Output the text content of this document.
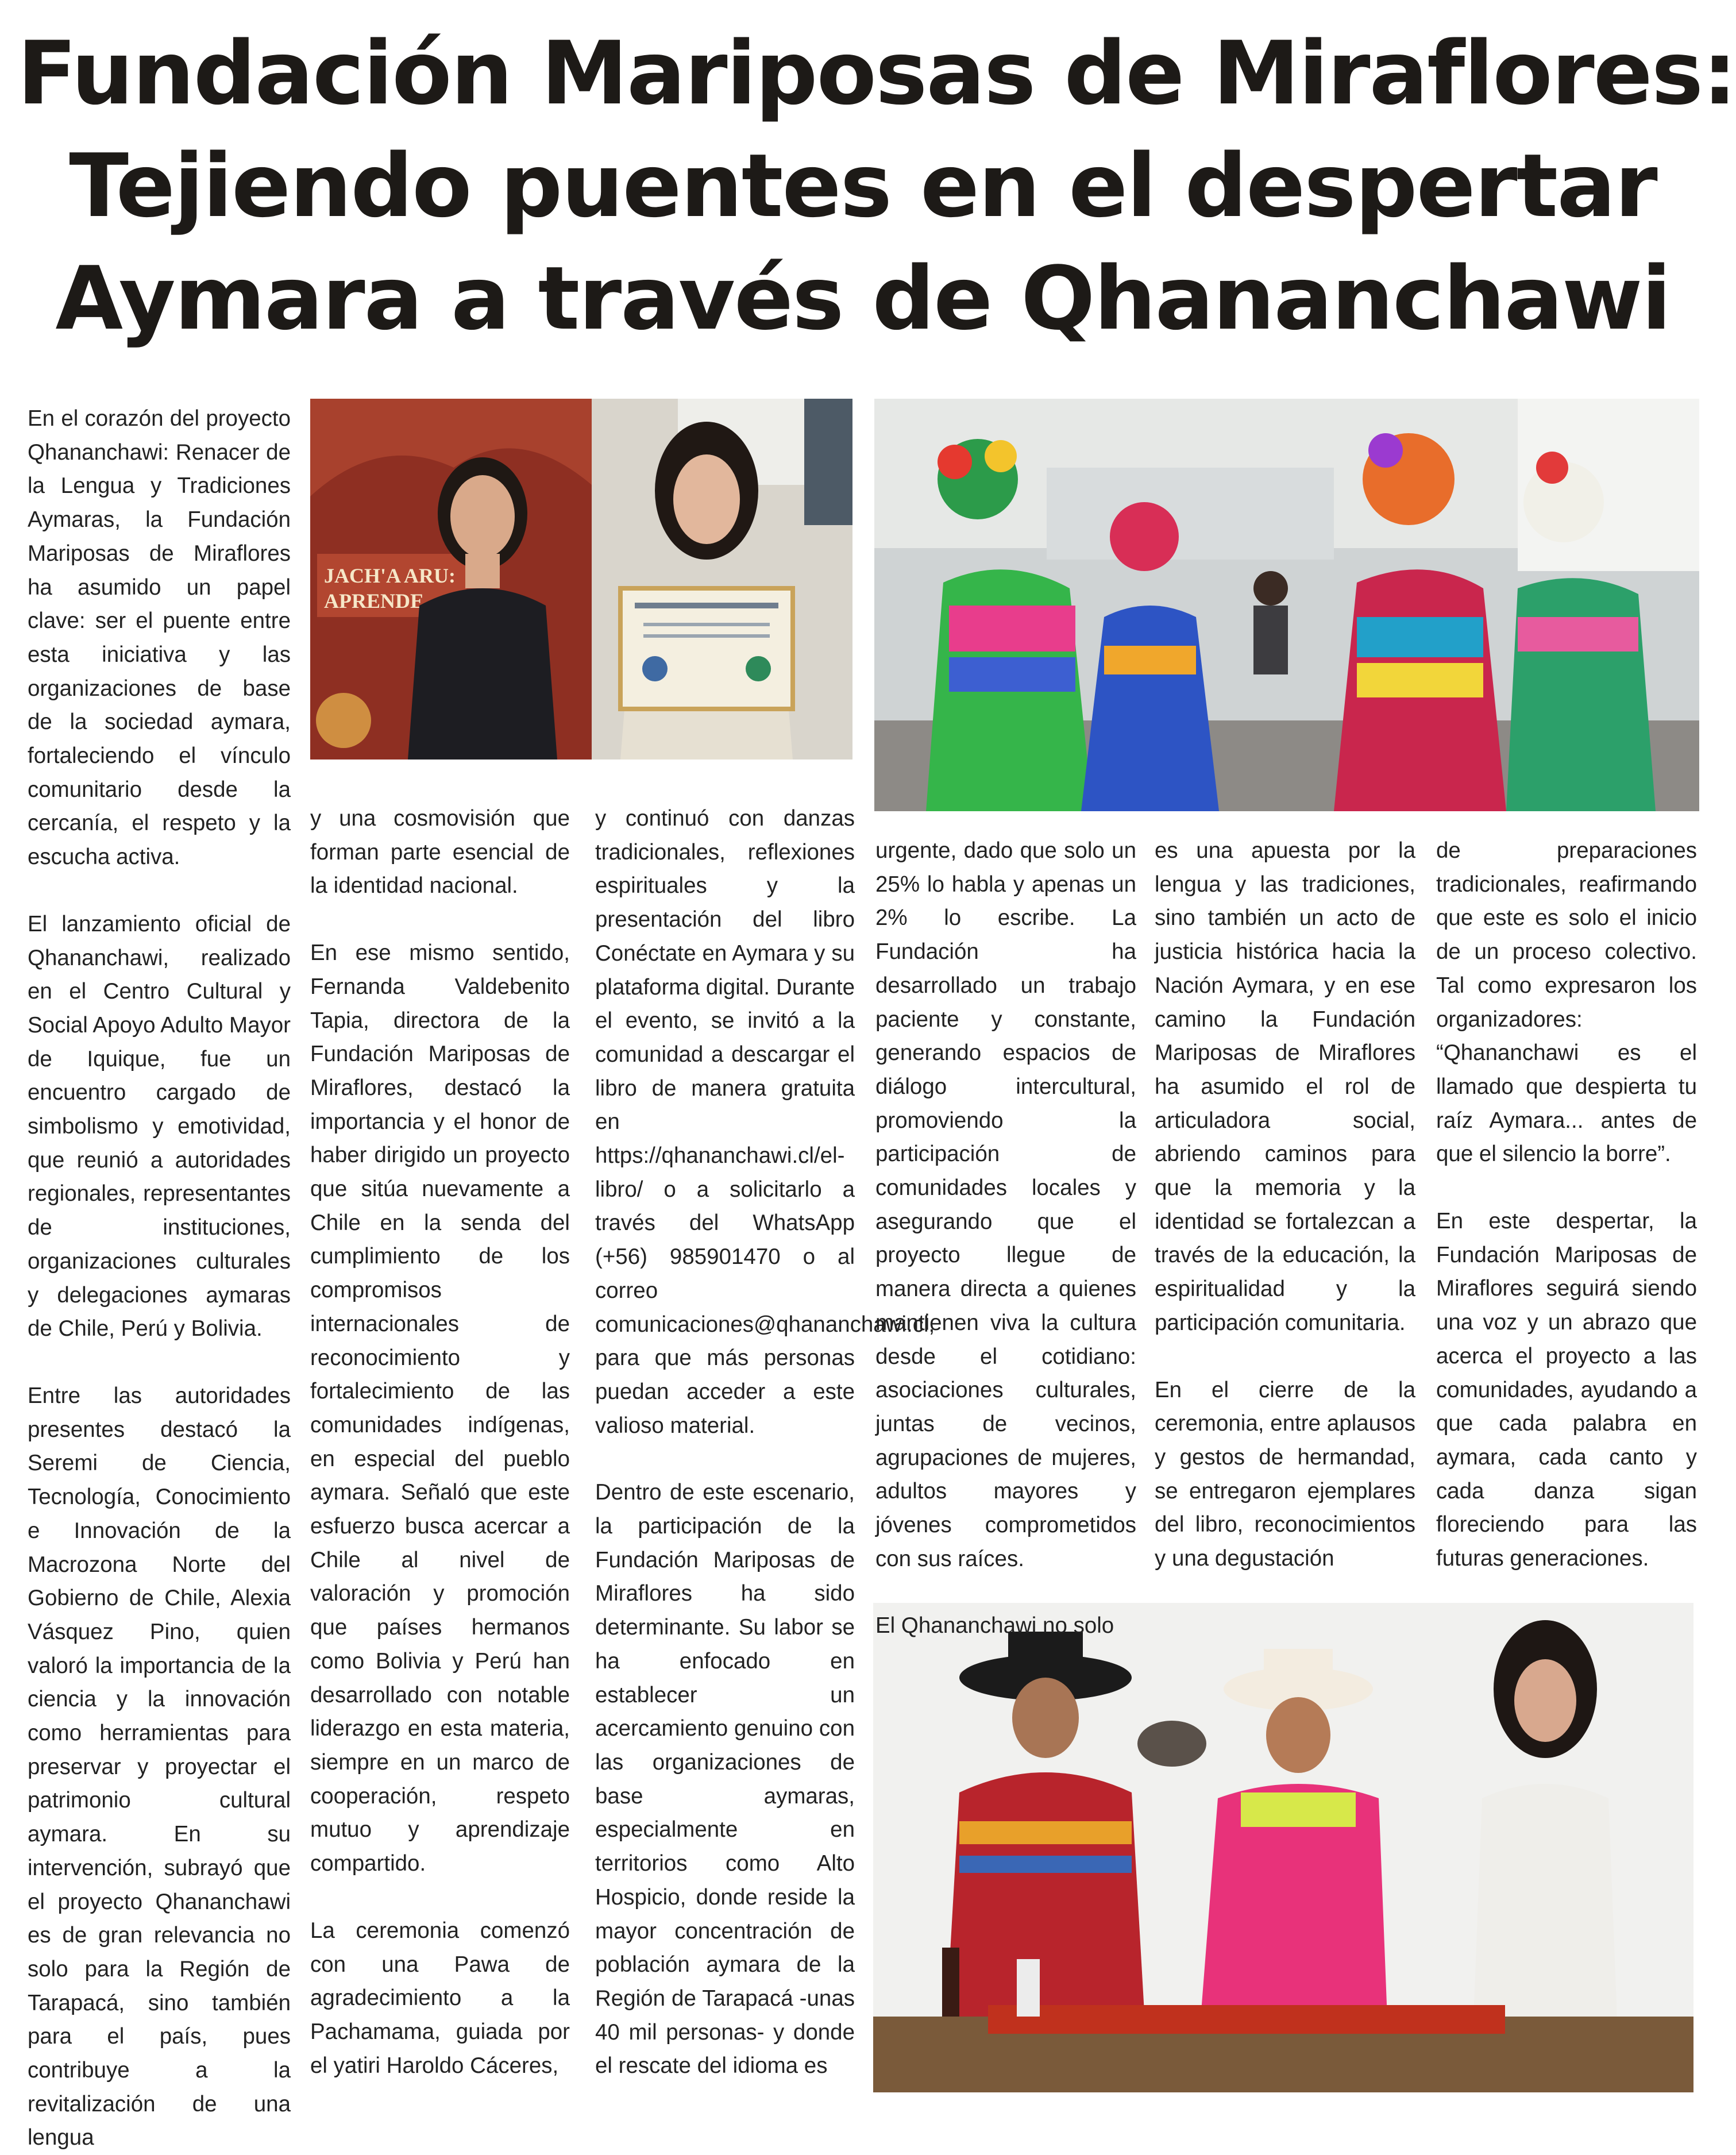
Fundación Mariposas de Miraflores:
Tejiendo puentes en el despertar
Aymara a través de Qhananchawi

En el corazón del proyecto Qhananchawi: Renacer de la Lengua y Tradiciones Aymaras, la Fundación Mariposas de Miraflores ha asumido un papel clave: ser el puente entre esta iniciativa y las organizaciones de base de la sociedad aymara, fortaleciendo el vínculo comunitario desde la cercanía, el respeto y la escucha activa.

El lanzamiento oficial de Qhananchawi, realizado en el Centro Cultural y Social Apoyo Adulto Mayor de Iquique, fue un encuentro cargado de simbolismo y emotividad, que reunió a autoridades regionales, representantes de instituciones, organizaciones culturales y delegaciones aymaras de Chile, Perú y Bolivia.

Entre las autoridades presentes destacó la Seremi de Ciencia, Tecnología, Conocimiento e Innovación de la Macrozona Norte del Gobierno de Chile, Alexia Vásquez Pino, quien valoró la importancia de la ciencia y la innovación como herramientas para preservar y proyectar el patrimonio cultural aymara. En su intervención, subrayó que el proyecto Qhananchawi es de gran relevancia no solo para la Región de Tarapacá, sino también para el país, pues contribuye a la revitalización de una lengua

JACH'A ARU:
APRENDE

y una cosmovisión que forman parte esencial de la identidad nacional.

En ese mismo sentido, Fernanda Valdebenito Tapia, directora de la Fundación Mariposas de Miraflores, destacó la importancia y el honor de haber dirigido un proyecto que sitúa nuevamente a Chile en la senda del cumplimiento de los compromisos internacionales de reconocimiento y fortalecimiento de las comunidades indígenas, en especial del pueblo aymara. Señaló que este esfuerzo busca acercar a Chile al nivel de valoración y promoción que países hermanos como Bolivia y Perú han desarrollado con notable liderazgo en esta materia, siempre en un marco de cooperación, respeto mutuo y aprendizaje compartido.

La ceremonia comenzó con una Pawa de agradecimiento a la Pachamama, guiada por el yatiri Haroldo Cáceres,

y continuó con danzas tradicionales, reflexiones espirituales y la presentación del libro Conéctate en Aymara y su plataforma digital. Durante el evento, se invitó a la comunidad a descargar el libro de manera gratuita en https://qhananchawi.cl/el-libro/ o a solicitarlo a través del WhatsApp (+56) 985901470 o al correo comunicaciones@qhananchawi.cl, para que más personas puedan acceder a este valioso material.

Dentro de este escenario, la participación de la Fundación Mariposas de Miraflores ha sido determinante. Su labor se ha enfocado en establecer un acercamiento genuino con las organizaciones de base aymaras, especialmente en territorios como Alto Hospicio, donde reside la mayor concentración de población aymara de la Región de Tarapacá -unas 40 mil personas- y donde el rescate del idioma es

urgente, dado que solo un 25% lo habla y apenas un 2% lo escribe. La Fundación ha desarrollado un trabajo paciente y constante, generando espacios de diálogo intercultural, promoviendo la participación de comunidades locales y asegurando que el proyecto llegue de manera directa a quienes mantienen viva la cultura desde el cotidiano: asociaciones culturales, juntas de vecinos, agrupaciones de mujeres, adultos mayores y jóvenes comprometidos con sus raíces.

El Qhananchawi no solo

es una apuesta por la lengua y las tradiciones, sino también un acto de justicia histórica hacia la Nación Aymara, y en ese camino la Fundación Mariposas de Miraflores ha asumido el rol de articuladora social, abriendo caminos para que la memoria y la identidad se fortalezcan a través de la educación, la espiritualidad y la participación comunitaria.

En el cierre de la ceremonia, entre aplausos y gestos de hermandad, se entregaron ejemplares del libro, reconocimientos y una degustación

de preparaciones tradicionales, reafirmando que este es solo el inicio de un proceso colectivo. Tal como expresaron los organizadores: “Qhananchawi es el llamado que despierta tu raíz Aymara... antes de que el silencio la borre”.

En este despertar, la Fundación Mariposas de Miraflores seguirá siendo una voz y un abrazo que acerca el proyecto a las comunidades, ayudando a que cada palabra en aymara, cada canto y cada danza sigan floreciendo para las futuras generaciones.
